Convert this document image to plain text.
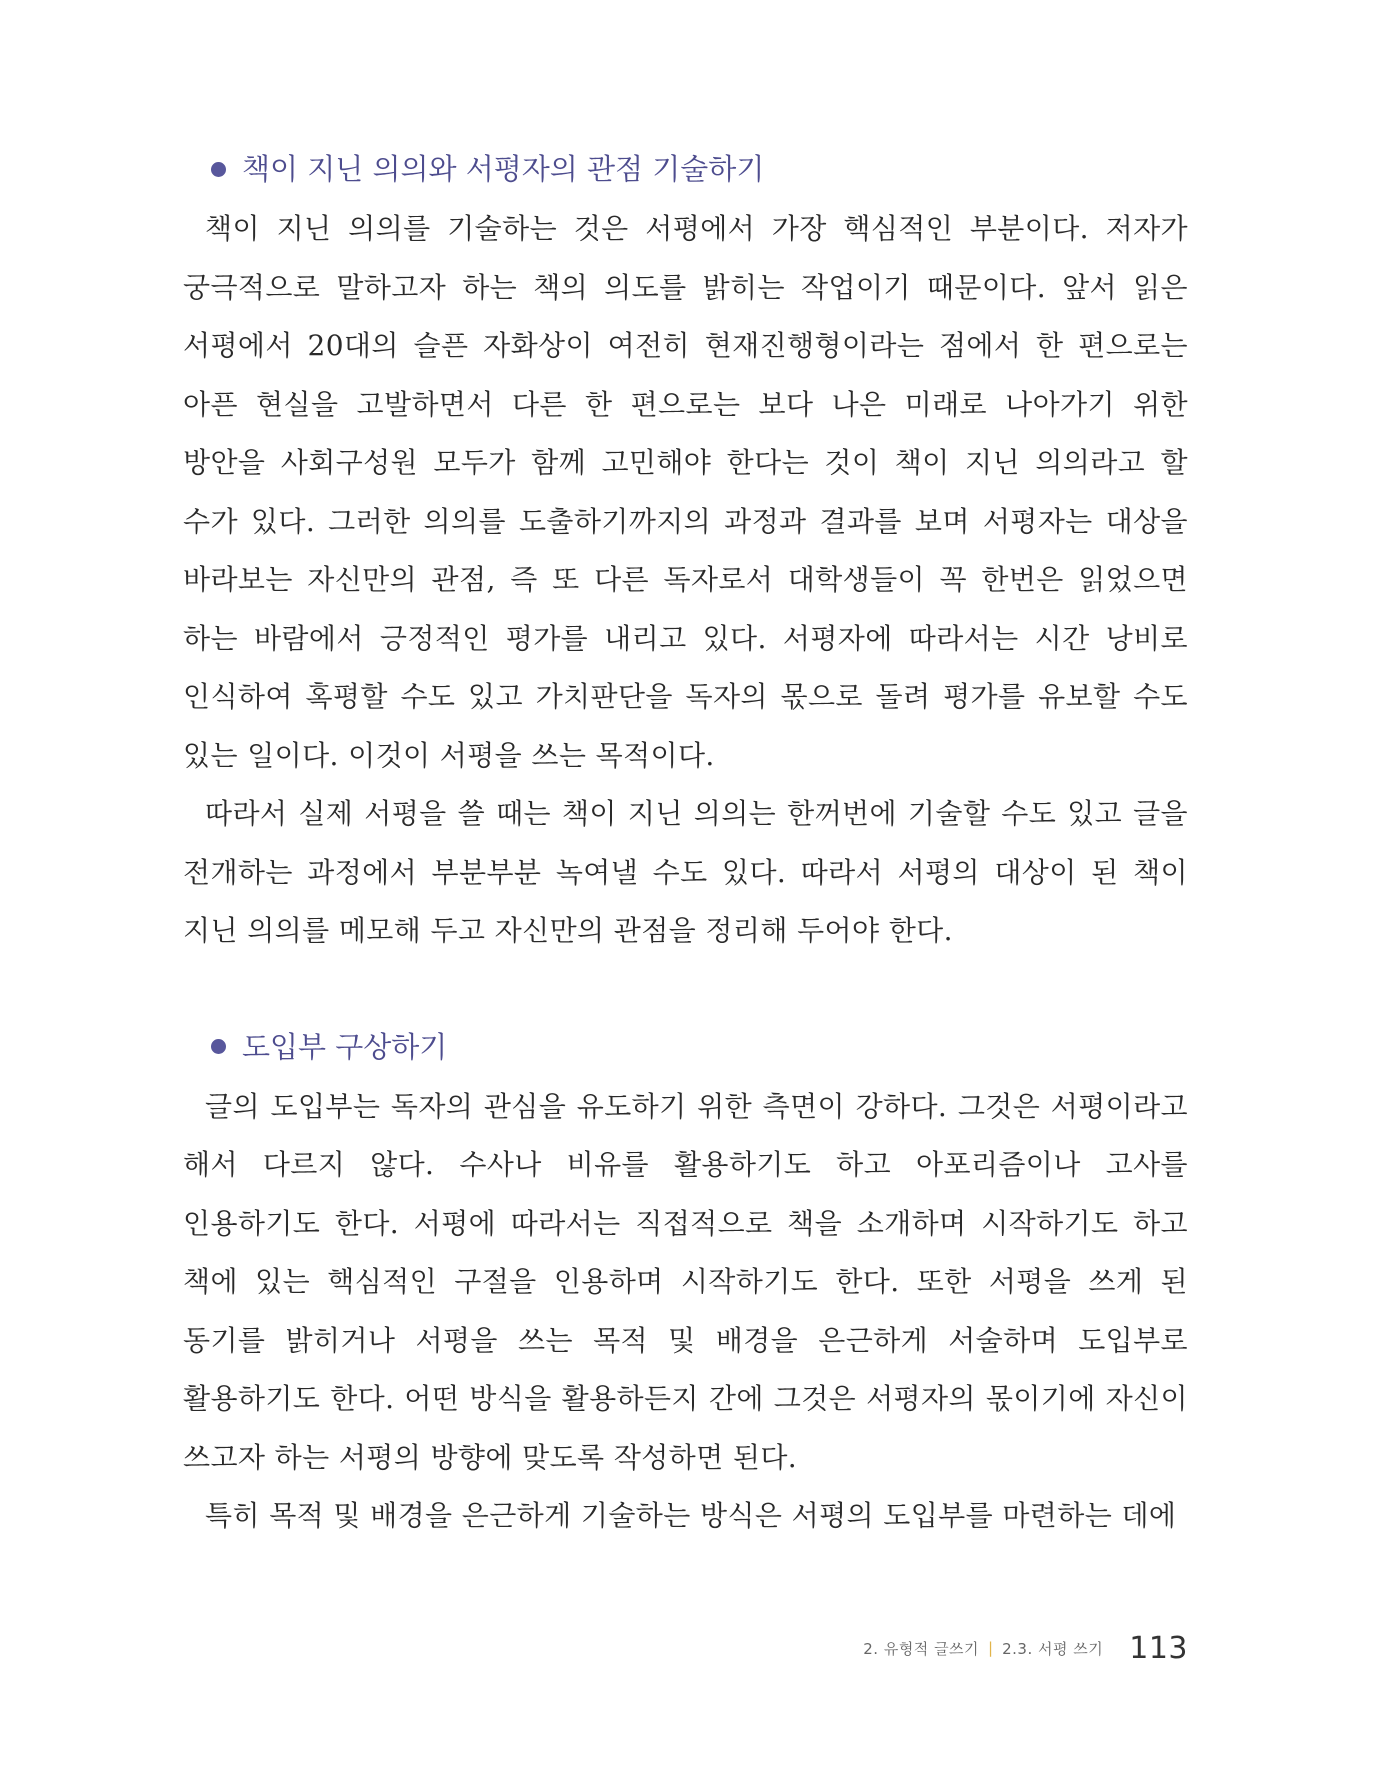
책이 지닌 의의와 서평자의 관점 기술하기

책이 지닌 의의를 기술하는 것은 서평에서 가장 핵심적인 부분이다. 저자가 궁극적으로 말하고자 하는 책의 의도를 밝히는 작업이기 때문이다. 앞서 읽은 서평에서 20대의 슬픈 자화상이 여전히 현재진행형이라는 점에서 한 편으로는 아픈 현실을 고발하면서 다른 한 편으로는 보다 나은 미래로 나아가기 위한 방안을 사회구성원 모두가 함께 고민해야 한다는 것이 책이 지닌 의의라고 할 수가 있다. 그러한 의의를 도출하기까지의 과정과 결과를 보며 서평자는 대상을 바라보는 자신만의 관점, 즉 또 다른 독자로서 대학생들이 꼭 한번은 읽었으면 하는 바람에서 긍정적인 평가를 내리고 있다. 서평자에 따라서는 시간 낭비로 인식하여 혹평할 수도 있고 가치판단을 독자의 몫으로 돌려 평가를 유보할 수도 있는 일이다. 이것이 서평을 쓰는 목적이다.

따라서 실제 서평을 쓸 때는 책이 지닌 의의는 한꺼번에 기술할 수도 있고 글을 전개하는 과정에서 부분부분 녹여낼 수도 있다. 따라서 서평의 대상이 된 책이 지닌 의의를 메모해 두고 자신만의 관점을 정리해 두어야 한다.

도입부 구상하기

글의 도입부는 독자의 관심을 유도하기 위한 측면이 강하다. 그것은 서평이라고 해서 다르지 않다. 수사나 비유를 활용하기도 하고 아포리즘이나 고사를 인용하기도 한다. 서평에 따라서는 직접적으로 책을 소개하며 시작하기도 하고 책에 있는 핵심적인 구절을 인용하며 시작하기도 한다. 또한 서평을 쓰게 된 동기를 밝히거나 서평을 쓰는 목적 및 배경을 은근하게 서술하며 도입부로 활용하기도 한다. 어떤 방식을 활용하든지 간에 그것은 서평자의 몫이기에 자신이 쓰고자 하는 서평의 방향에 맞도록 작성하면 된다.

특히 목적 및 배경을 은근하게 기술하는 방식은 서평의 도입부를 마련하는 데에

2. 유형적 글쓰기 | 2.3. 서평 쓰기 113
